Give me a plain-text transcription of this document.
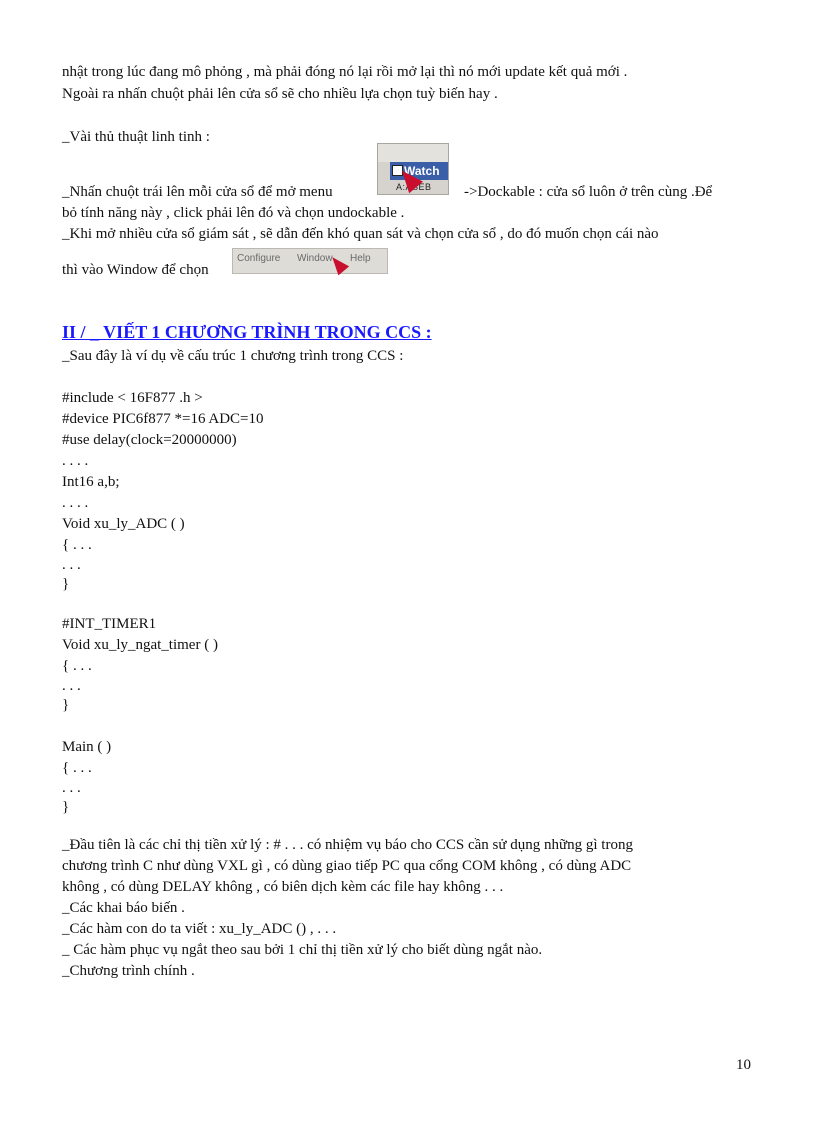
nhật trong lúc đang mô phỏng , mà phải đóng nó lại rồi mở lại thì nó mới update kết quả mới .
Ngoài ra nhấn chuột phải lên cửa sổ sẽ cho nhiều lựa chọn tuỳ biến hay .
_Vài thủ thuật linh tinh :
_Nhấn chuột trái lên mỗi cửa sổ để mở menu
Watch
A:ASEB ->Dockable : cửa sổ luôn ở trên cùng .Để
bỏ tính năng này , click phải lên đó và chọn undockable .
_Khi mở nhiều cửa sổ giám sát , sẽ dẫn đến khó quan sát và chọn cửa sổ , do đó muốn chọn cái nào
thì vào Window để chọn
Configure Window Help
II / _ VIẾT 1 CHƯƠNG TRÌNH TRONG CCS :
_Sau đây là ví dụ về cấu trúc 1 chương trình trong CCS :
#include < 16F877 .h >
#device PIC6f877 *=16 ADC=10
#use delay(clock=20000000)
. . . .
Int16 a,b;
. . . .
Void xu_ly_ADC ( )
{ . . .
. . .
}
#INT_TIMER1
Void xu_ly_ngat_timer ( )
{ . . .
. . .
}
Main ( )
{ . . .
. . .
}
_Đầu tiên là các chỉ thị tiền xử lý : # . . . có nhiệm vụ báo cho CCS cần sử dụng những gì trong
chương trình C như dùng VXL gì , có dùng giao tiếp PC qua cổng COM không , có dùng ADC
không , có dùng DELAY không , có biên dịch kèm các file hay không . . .
_Các khai báo biến .
_Các hàm con do ta viết : xu_ly_ADC () , . . .
_ Các hàm phục vụ ngắt theo sau bởi 1 chỉ thị tiền xử lý cho biết dùng ngắt nào.
_Chương trình chính .
10
